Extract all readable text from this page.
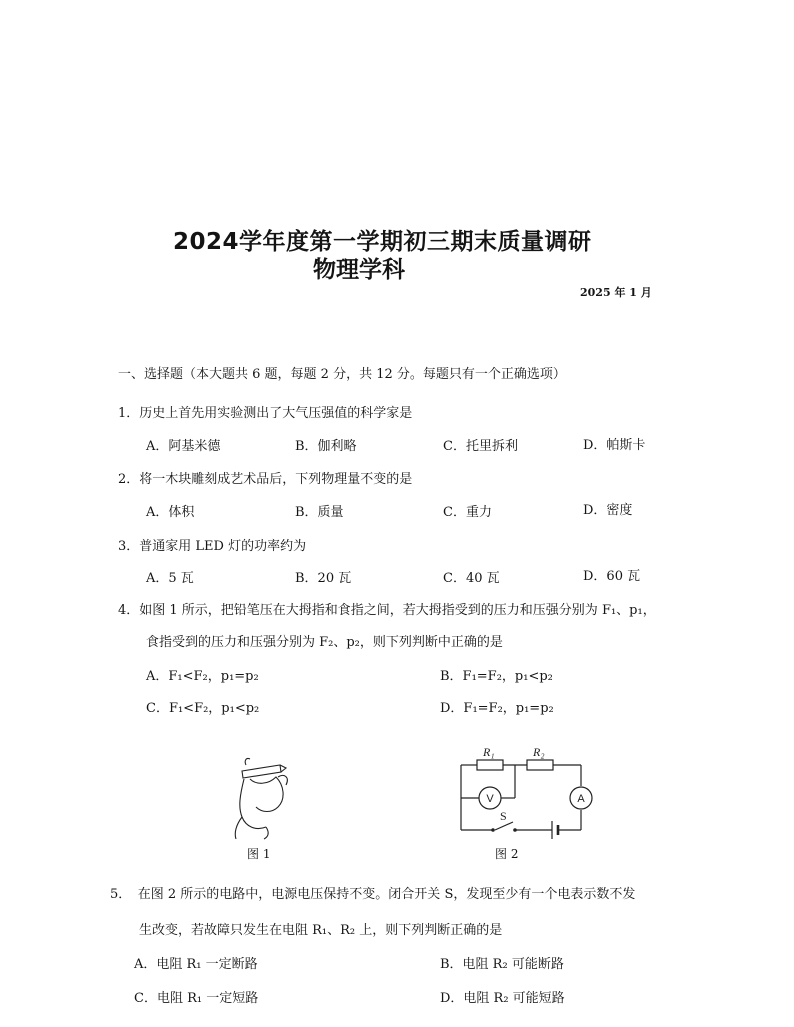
2024学年度第一学期初三期末质量调研
物理学科
2025 年 1 月
一、选择题（本大题共 6 题，每题 2 分，共 12 分。每题只有一个正确选项）
1．历史上首先用实验测出了大气压强值的科学家是
A．阿基米德	B．伽利略	C．托里拆利	D．帕斯卡
2．将一木块雕刻成艺术品后，下列物理量不变的是
A．体积	B．质量	C．重力	D．密度
3．普通家用 LED 灯的功率约为
A．5 瓦	B．20 瓦	C．40 瓦	D．60 瓦
4．如图 1 所示，把铅笔压在大拇指和食指之间，若大拇指受到的压力和压强分别为 F₁、p₁，
食指受到的压力和压强分别为 F₂、p₂，则下列判断中正确的是
A．F₁<F₂，p₁=p₂	B．F₁=F₂，p₁<p₂
C．F₁<F₂，p₁<p₂	D．F₁=F₂，p₁=p₂
图 1
R₁	R₂
V	A
S
图 2
5．　在图 2 所示的电路中，电源电压保持不变。闭合开关 S，发现至少有一个电表示数不发
生改变，若故障只发生在电阻 R₁、R₂ 上，则下列判断正确的是
A．电阻 R₁ 一定断路	B．电阻 R₂ 可能断路
C．电阻 R₁ 一定短路	D．电阻 R₂ 可能短路
